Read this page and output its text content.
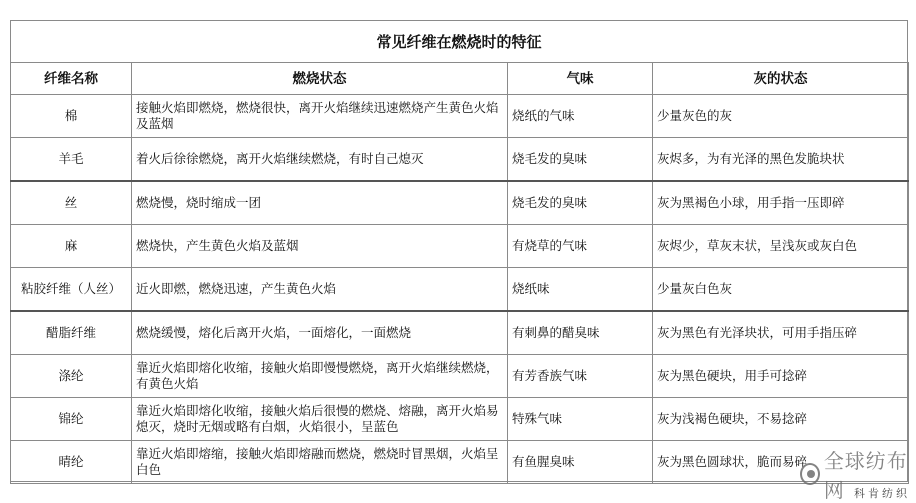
常见纤维在燃烧时的特征
纤维名称	燃烧状态	气味	灰的状态
棉	接触火焰即燃烧，燃烧很快，离开火焰继续迅速燃烧产生黄色火焰及蓝烟	烧纸的气味	少量灰色的灰
羊毛	着火后徐徐燃烧，离开火焰继续燃烧，有时自己熄灭	烧毛发的臭味	灰烬多，为有光泽的黑色发脆块状
丝	燃烧慢，烧时缩成一团	烧毛发的臭味	灰为黑褐色小球，用手指一压即碎
麻	燃烧快，产生黄色火焰及蓝烟	有烧草的气味	灰烬少，草灰末状，呈浅灰或灰白色
粘胶纤维（人丝）	近火即燃，燃烧迅速，产生黄色火焰	烧纸味	少量灰白色灰
醋脂纤维	燃烧缓慢，熔化后离开火焰，一面熔化，一面燃烧	有刺鼻的醋臭味	灰为黑色有光泽块状，可用手指压碎
涤纶	靠近火焰即熔化收缩，接触火焰即慢慢燃烧，离开火焰继续燃烧，有黄色火焰	有芳香族气味	灰为黑色硬块，用手可捻碎
锦纶	靠近火焰即熔化收缩，接触火焰后很慢的燃烧、熔融，离开火焰易熄灭，烧时无烟或略有白烟，火焰很小，呈蓝色	特殊气味	灰为浅褐色硬块，不易捻碎
晴纶	靠近火焰即熔缩，接触火焰即熔融而燃烧，燃烧时冒黑烟，火焰呈白色	有鱼腥臭味	灰为黑色圆球状，脆而易碎 全球纺布网 科肯纺织
